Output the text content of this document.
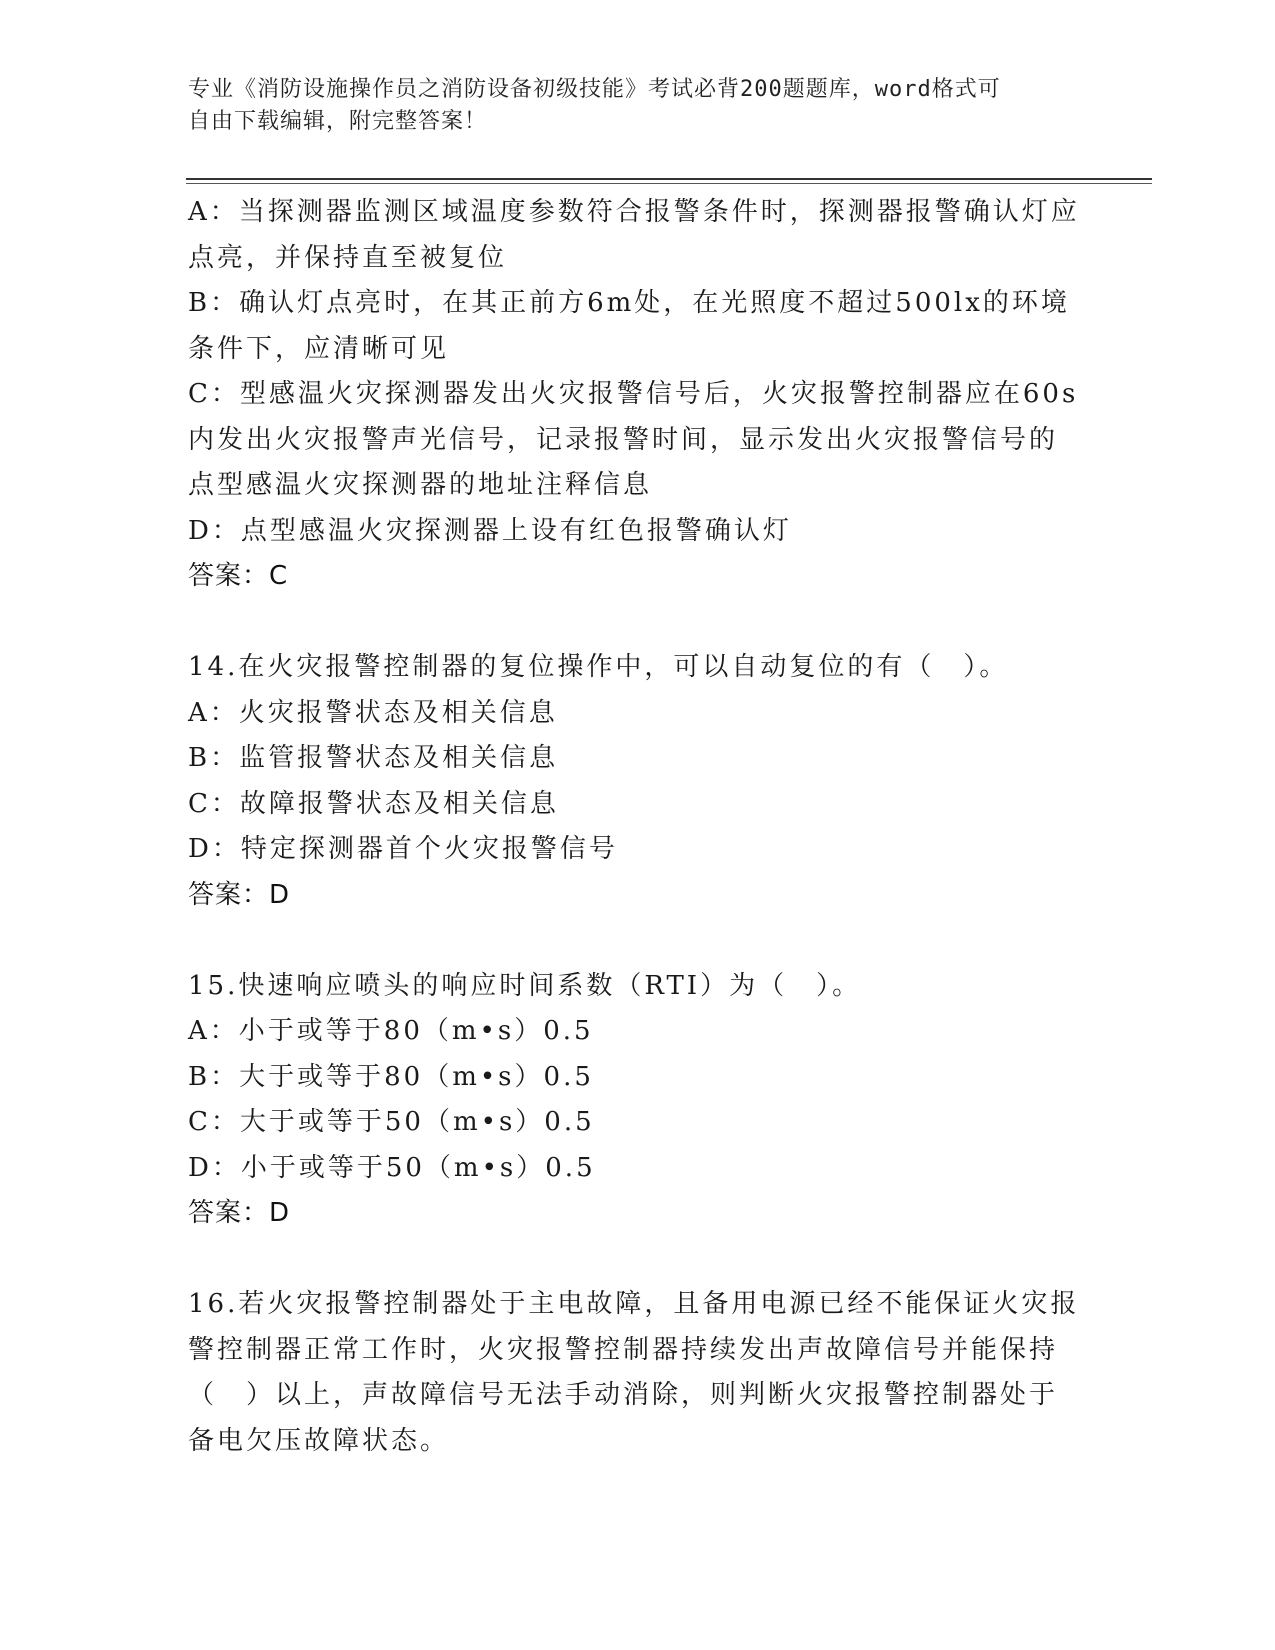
专业《消防设施操作员之消防设备初级技能》考试必背200题题库，word格式可
自由下载编辑，附完整答案！
A：当探测器监测区域温度参数符合报警条件时，探测器报警确认灯应
点亮，并保持直至被复位
B：确认灯点亮时，在其正前方6m处，在光照度不超过500lx的环境
条件下，应清晰可见
C：型感温火灾探测器发出火灾报警信号后，火灾报警控制器应在60s
内发出火灾报警声光信号，记录报警时间，显示发出火灾报警信号的
点型感温火灾探测器的地址注释信息
D：点型感温火灾探测器上设有红色报警确认灯
答案：C
14.在火灾报警控制器的复位操作中，可以自动复位的有（　）。
A：火灾报警状态及相关信息
B：监管报警状态及相关信息
C：故障报警状态及相关信息
D：特定探测器首个火灾报警信号
答案：D
15.快速响应喷头的响应时间系数（RTI）为（　）。
A：小于或等于80（m•s）0.5
B：大于或等于80（m•s）0.5
C：大于或等于50（m•s）0.5
D：小于或等于50（m•s）0.5
答案：D
16.若火灾报警控制器处于主电故障，且备用电源已经不能保证火灾报
警控制器正常工作时，火灾报警控制器持续发出声故障信号并能保持
（　）以上，声故障信号无法手动消除，则判断火灾报警控制器处于
备电欠压故障状态。
